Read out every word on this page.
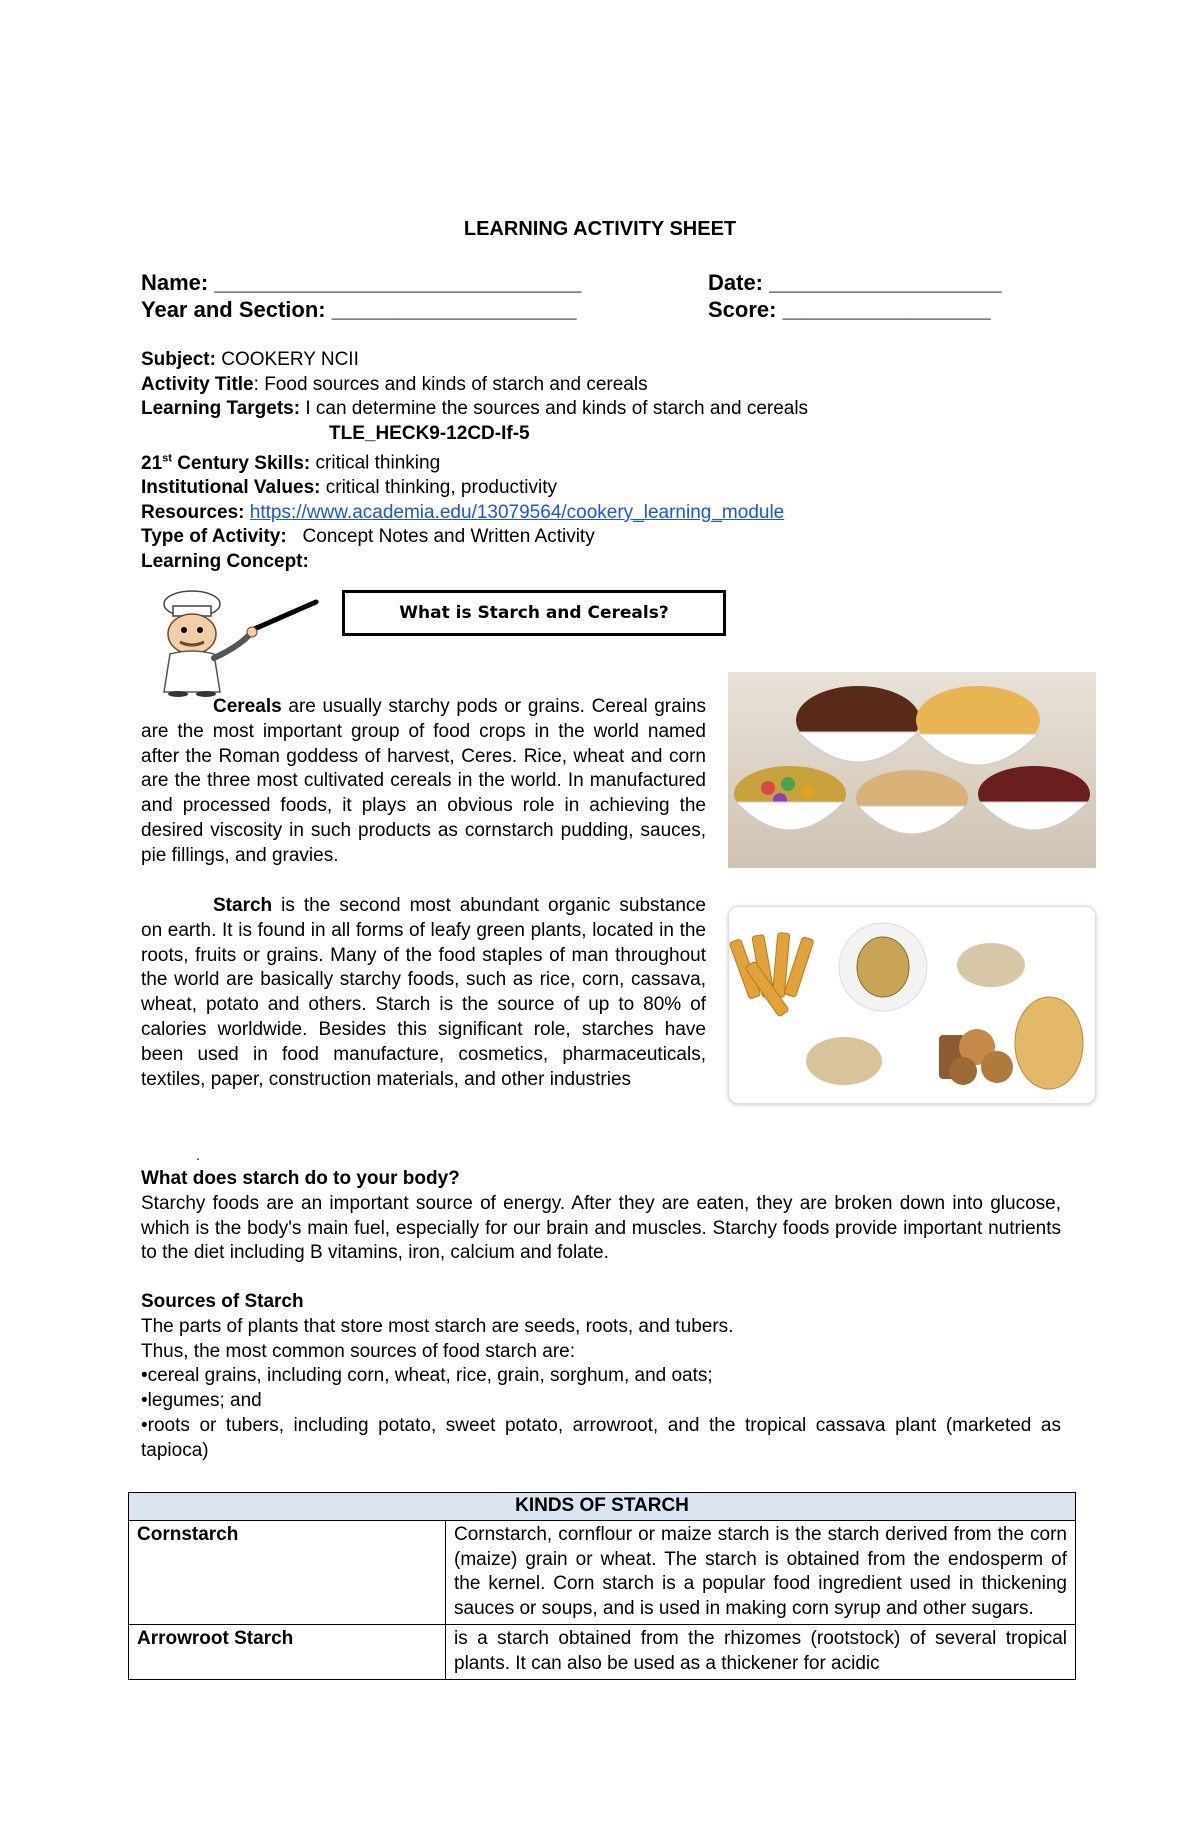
LEARNING ACTIVITY SHEET
Name: ______________________________	Date: ___________________
Year and Section: ____________________	Score: _________________
Subject: COOKERY NCII
Activity Title: Food sources and kinds of starch and cereals
Learning Targets: I can determine the sources and kinds of starch and cereals
TLE_HECK9-12CD-If-5
21st Century Skills: critical thinking
Institutional Values: critical thinking, productivity
Resources: https://www.academia.edu/13079564/cookery_learning_module
Type of Activity: Concept Notes and Written Activity
Learning Concept:
What is Starch and Cereals?
Cereals are usually starchy pods or grains. Cereal grains are the most important group of food crops in the world named after the Roman goddess of harvest, Ceres. Rice, wheat and corn are the three most cultivated cereals in the world. In manufactured and processed foods, it plays an obvious role in achieving the desired viscosity in such products as cornstarch pudding, sauces, pie fillings, and gravies.
Starch is the second most abundant organic substance on earth. It is found in all forms of leafy green plants, located in the roots, fruits or grains. Many of the food staples of man throughout the world are basically starchy foods, such as rice, corn, cassava, wheat, potato and others. Starch is the source of up to 80% of calories worldwide. Besides this significant role, starches have been used in food manufacture, cosmetics, pharmaceuticals, textiles, paper, construction materials, and other industries
.
What does starch do to your body?
Starchy foods are an important source of energy. After they are eaten, they are broken down into glucose, which is the body's main fuel, especially for our brain and muscles. Starchy foods provide important nutrients to the diet including B vitamins, iron, calcium and folate.
Sources of Starch
The parts of plants that store most starch are seeds, roots, and tubers.
Thus, the most common sources of food starch are:
•cereal grains, including corn, wheat, rice, grain, sorghum, and oats;
•legumes; and
•roots or tubers, including potato, sweet potato, arrowroot, and the tropical cassava plant (marketed as tapioca)
KINDS OF STARCH	
Cornstarch	Cornstarch, cornflour or maize starch is the starch derived from the corn (maize) grain or wheat. The starch is obtained from the endosperm of the kernel. Corn starch is a popular food ingredient used in thickening sauces or soups, and is used in making corn syrup and other sugars.
Arrowroot Starch	is a starch obtained from the rhizomes (rootstock) of several tropical plants. It can also be used as a thickener for acidic
